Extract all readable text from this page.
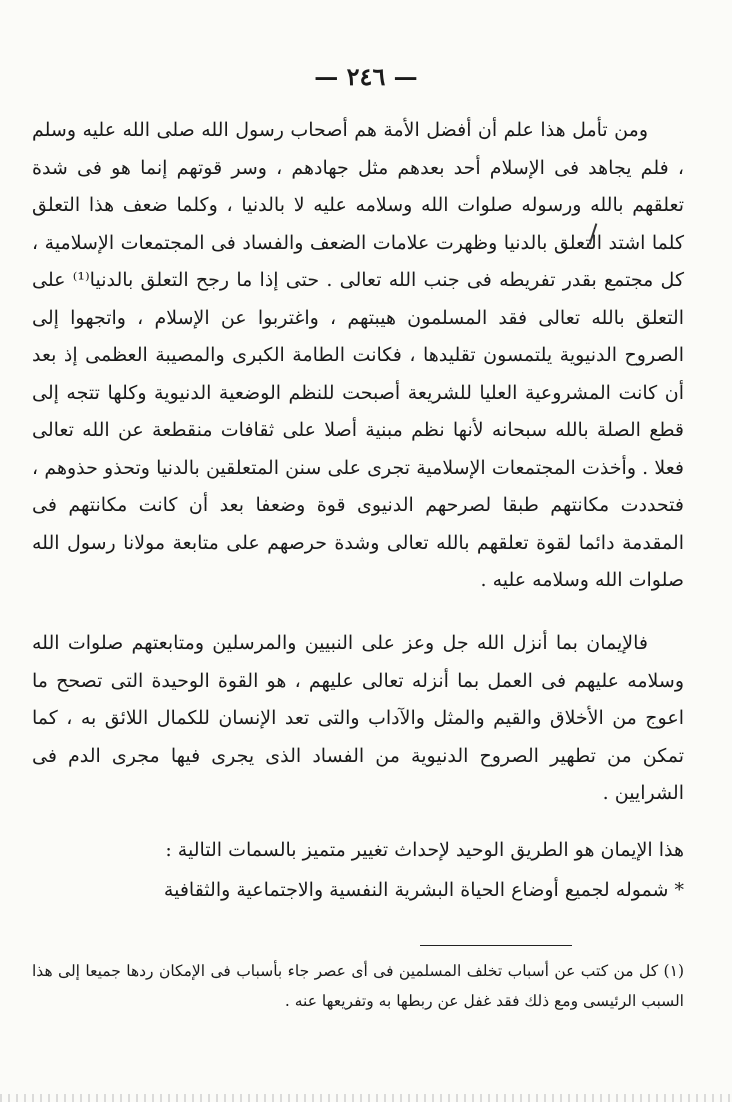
— ٢٤٦ —
ومن تأمل هذا علم أن أفضل الأمة هم أصحاب رسول الله صلى الله عليه وسلم ، فلم يجاهد فى الإسلام أحد بعدهم مثل جهادهم ، وسر قوتهم إنما هو فى شدة تعلقهم بالله ورسوله صلوات الله وسلامه عليه لا بالدنيا ، وكلما ضعف هذا التعلق كلما اشتد التعلق بالدنيا وظهرت علامات الضعف والفساد فى المجتمعات الإسلامية ، كل مجتمع بقدر تفريطه فى جنب الله تعالى . حتى إذا ما رجح التعلق بالدنيا⁽¹⁾ على التعلق بالله تعالى فقد المسلمون هيبتهم ، واغتربوا عن الإسلام ، واتجهوا إلى الصروح الدنيوية يلتمسون تقليدها ، فكانت الطامة الكبرى والمصيبة العظمى إذ بعد أن كانت المشروعية العليا للشريعة أصبحت للنظم الوضعية الدنيوية وكلها تتجه إلى قطع الصلة بالله سبحانه لأنها نظم مبنية أصلا على ثقافات منقطعة عن الله تعالى فعلا . وأخذت المجتمعات الإسلامية تجرى على سنن المتعلقين بالدنيا وتحذو حذوهم ، فتحددت مكانتهم طبقا لصرحهم الدنيوى قوة وضعفا بعد أن كانت مكانتهم فى المقدمة دائما لقوة تعلقهم بالله تعالى وشدة حرصهم على متابعة مولانا رسول الله صلوات الله وسلامه عليه .
فالإيمان بما أنزل الله جل وعز على النبيين والمرسلين ومتابعتهم صلوات الله وسلامه عليهم فى العمل بما أنزله تعالى عليهم ، هو القوة الوحيدة التى تصحح ما اعوج من الأخلاق والقيم والمثل والآداب والتى تعد الإنسان للكمال اللائق به ، كما تمكن من تطهير الصروح الدنيوية من الفساد الذى يجرى فيها مجرى الدم فى الشرايين .
هذا الإيمان هو الطريق الوحيد لإحداث تغيير متميز بالسمات التالية :
* شموله لجميع أوضاع الحياة البشرية النفسية والاجتماعية والثقافية
(١) كل من كتب عن أسباب تخلف المسلمين فى أى عصر جاء بأسباب فى الإمكان ردها جميعا إلى هذا السبب الرئيسى ومع ذلك فقد غفل عن ربطها به وتفريعها عنه .
